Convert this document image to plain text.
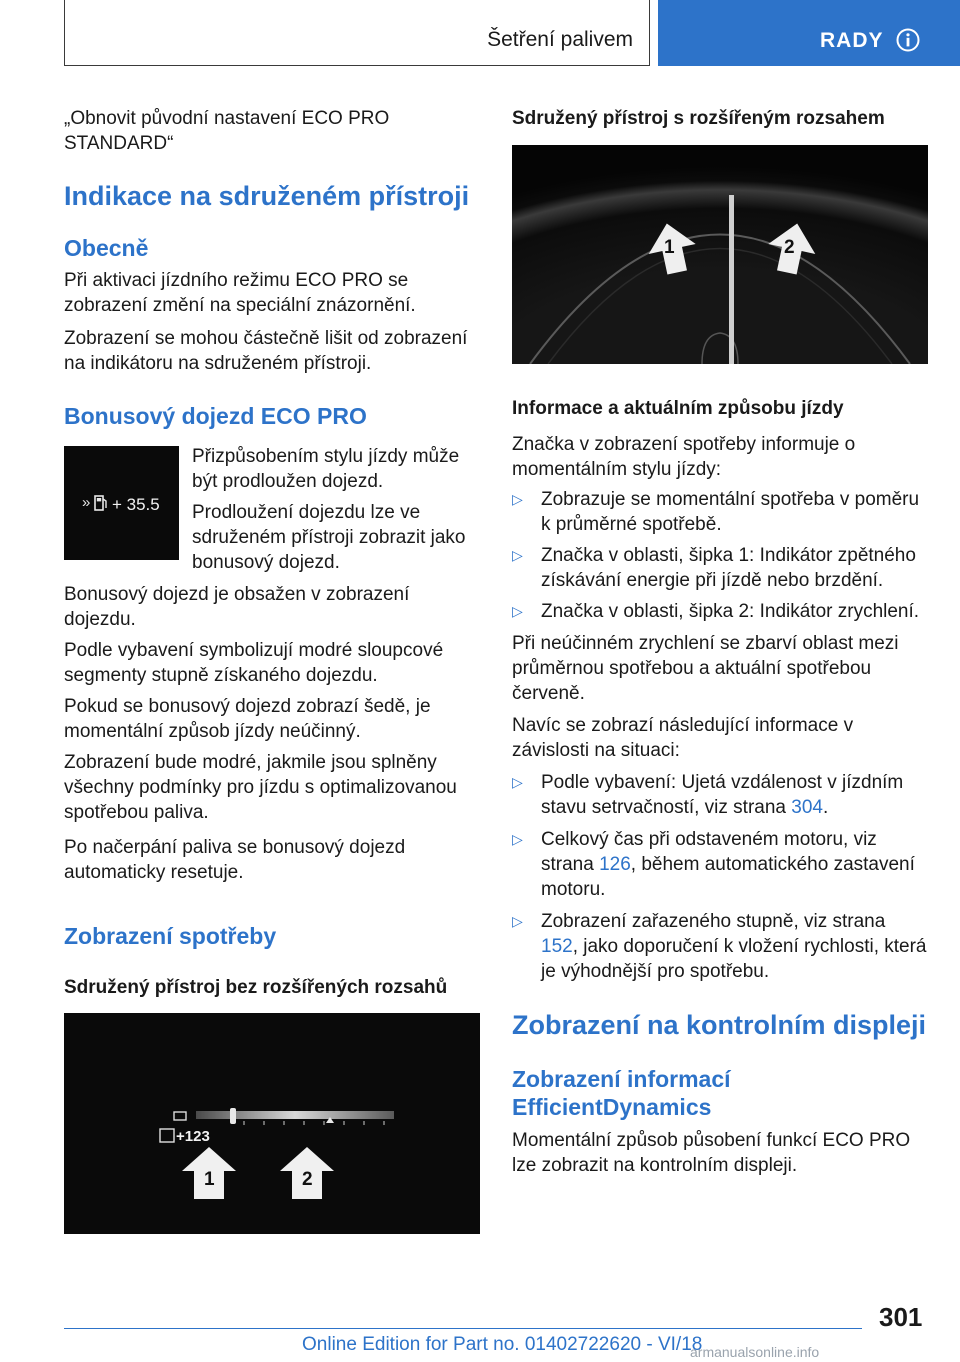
Šetření palivem	RADY
„Obnovit původní nastavení ECO PRO STANDARD“
Indikace na sdruženém přístroji
Obecně
Při aktivaci jízdního režimu ECO PRO se zobrazení změní na speciální znázornění.
Zobrazení se mohou částečně lišit od zobrazení na indikátoru na sdruženém přístroji.
Bonusový dojezd ECO PRO
» + 35.5
Přizpůsobením stylu jízdy může být prodloužen dojezd.
Prodloužení dojezdu lze ve sdruženém přístroji zobrazit jako bonusový dojezd.
Bonusový dojezd je obsažen v zobrazení dojezdu.
Podle vybavení symbolizují modré sloupcové segmenty stupně získaného dojezdu.
Pokud se bonusový dojezd zobrazí šedě, je momentální způsob jízdy neúčinný.
Zobrazení bude modré, jakmile jsou splněny všechny podmínky pro jízdu s optimalizovanou spotřebou paliva.
Po načerpání paliva se bonusový dojezd automaticky resetuje.
Zobrazení spotřeby
Sdružený přístroj bez rozšířených rozsahů
+123
1	2
Sdružený přístroj s rozšířeným rozsahem
1	2
Informace a aktuálním způsobu jízdy
Značka v zobrazení spotřeby informuje o momentálním stylu jízdy:
▷ Zobrazuje se momentální spotřeba v poměru k průměrné spotřebě.
▷ Značka v oblasti, šipka 1: Indikátor zpětného získávání energie při jízdě nebo brzdění.
▷ Značka v oblasti, šipka 2: Indikátor zrychlení.
Při neúčinném zrychlení se zbarví oblast mezi průměrnou spotřebou a aktuální spotřebou červeně.
Navíc se zobrazí následující informace v závislosti na situaci:
▷ Podle vybavení: Ujetá vzdálenost v jízdním stavu setrvačností, viz strana 304.
▷ Celkový čas při odstaveném motoru, viz strana 126, během automatického zastavení motoru.
▷ Zobrazení zařazeného stupně, viz strana 152, jako doporučení k vložení rychlosti, která je výhodnější pro spotřebu.
Zobrazení na kontrolním displeji
Zobrazení informací EfficientDynamics
Momentální způsob působení funkcí ECO PRO lze zobrazit na kontrolním displeji.
301
Online Edition for Part no. 01402722620 - VI/18
armanualsonline.info
